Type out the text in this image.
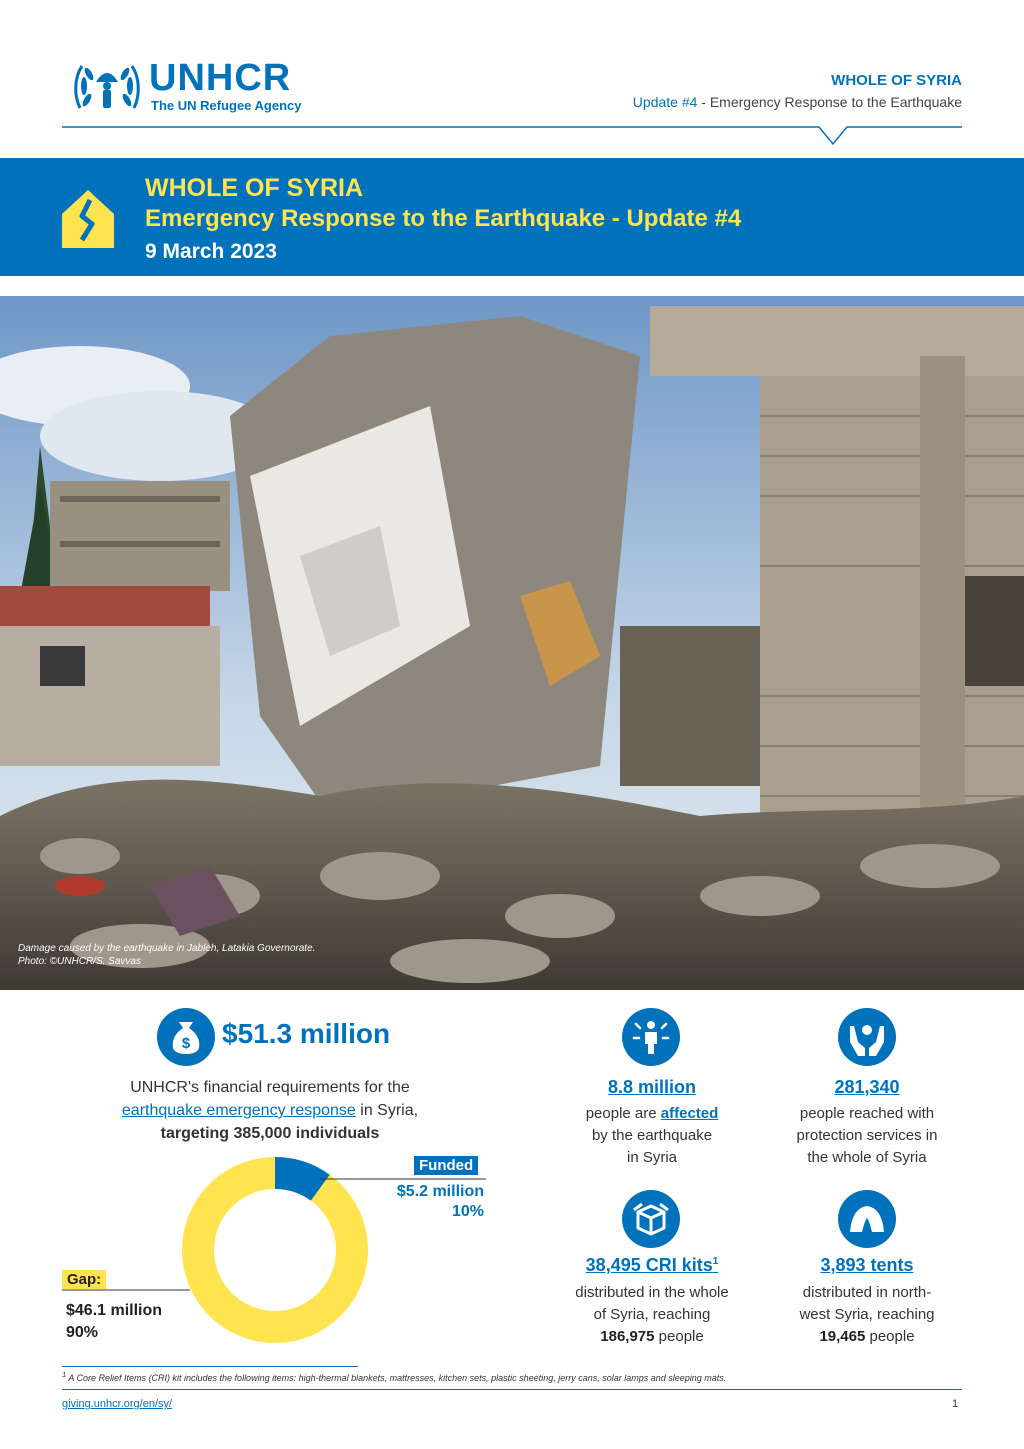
UNHCR
The UN Refugee Agency
WHOLE OF SYRIA
Update #4 - Emergency Response to the Earthquake
WHOLE OF SYRIA
Emergency Response to the Earthquake - Update #4
9 March 2023
Damage caused by the earthquake in Jableh, Latakia Governorate.
Photo: ©UNHCR/S. Savvas
$ $51.3 million
UNHCR's financial requirements for the
earthquake emergency response in Syria,
targeting 385,000 individuals
Funded
$5.2 million
10%
Gap:
$46.1 million
90%
8.8 million
people are affected
by the earthquake
in Syria
281,340
people reached with
protection services in
the whole of Syria
38,495 CRI kits$^1$
distributed in the whole
of Syria, reaching
186,975 people
3,893 tents
distributed in north-
west Syria, reaching
19,465 people
$^1$ A Core Relief Items (CRI) kit includes the following items: high-thermal blankets, mattresses, kitchen sets, plastic sheeting, jerry cans, solar lamps and sleeping mats.
giving.unhcr.org/en/sy/	1
